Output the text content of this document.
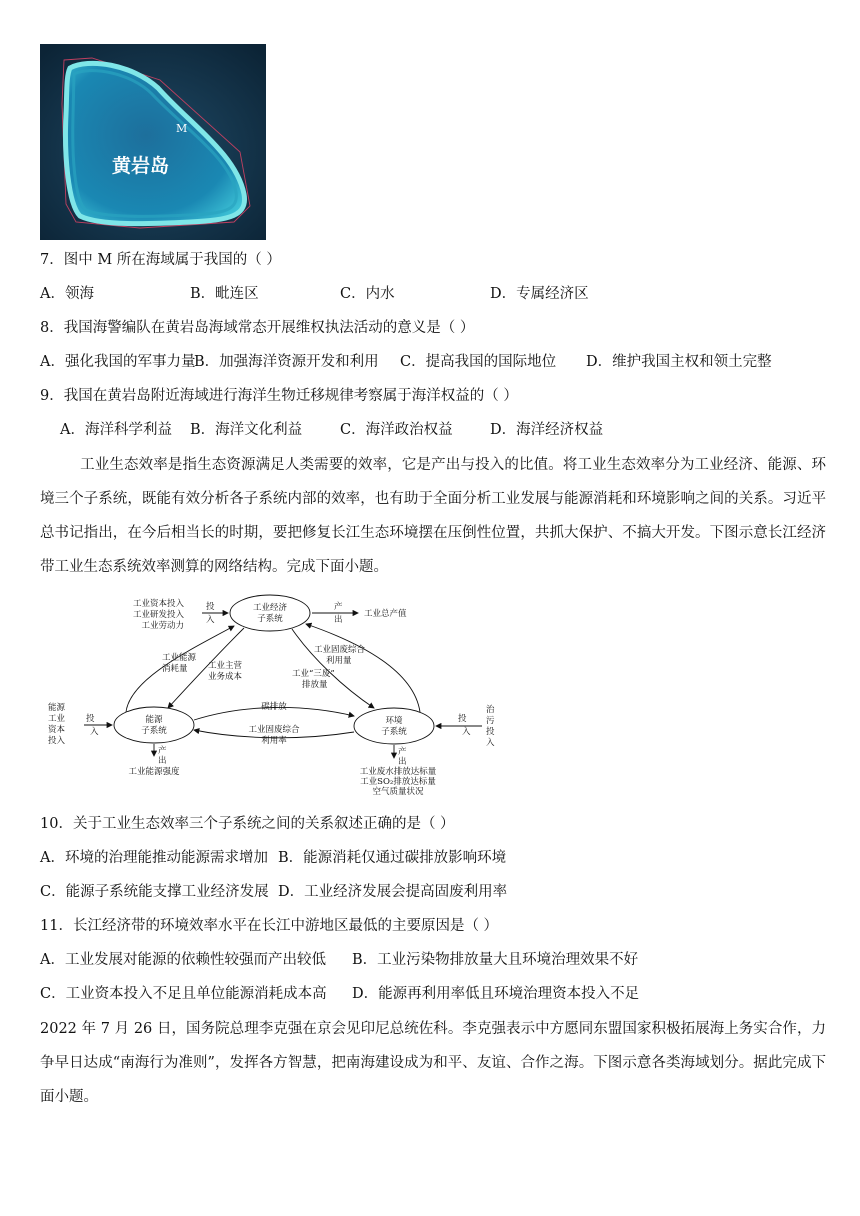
黄岩岛
M
7．图中 M 所在海域属于我国的（ ）
A．领海	B．毗连区	C．内水	D．专属经济区
8．我国海警编队在黄岩岛海域常态开展维权执法活动的意义是（ ）
A．强化我国的军事力量
B．加强海洋资源开发和利用 C．提高我国的国际地位 D．维护我国主权和领土完整
9．我国在黄岩岛附近海域进行海洋生物迁移规律考察属于海洋权益的（ ）
A．海洋科学利益 B．海洋文化利益	C．海洋政治权益	D．海洋经济权益
工业生态效率是指生态资源满足人类需要的效率，它是产出与投入的比值。将工业生态效率分为工业经济、能源、环境三个子系统，既能有效分析各子系统内部的效率，也有助于全面分析工业发展与能源消耗和环境影响之间的关系。习近平总书记指出，在今后相当长的时期，要把修复长江生态环境摆在压倒性位置，共抓大保护、不搞大开发。下图示意长江经济带工业生态系统效率测算的网络结构。完成下面小题。
工业经济
子系统
能源
子系统
环境
子系统
工业资本投入
工业研发投入
工业劳动力
投
入
产
出
工业总产值
能源
工业
资本
投入
投
入
产
出
工业能源强度
治
污
投
入
投
入
产
出
工业废水排放达标量
工业SO₂排放达标量
空气质量状况
工业能源
消耗量 工业主营
业务成本	工业“三废”
排放量
工业固废综合
利用量
碳排放
工业固废综合
利用率
10．关于工业生态效率三个子系统之间的关系叙述正确的是（ ）
A．环境的治理能推动能源需求增加 B．能源消耗仅通过碳排放影响环境
C．能源子系统能支撑工业经济发展 D．工业经济发展会提高固废利用率
11．长江经济带的环境效率水平在长江中游地区最低的主要原因是（ ）
A．工业发展对能源的依赖性较强而产出较低 B．工业污染物排放量大且环境治理效果不好
C．工业资本投入不足且单位能源消耗成本高 D．能源再利用率低且环境治理资本投入不足
2022 年 7 月 26 日，国务院总理李克强在京会见印尼总统佐科。李克强表示中方愿同东盟国家积极拓展海上务实合作，力争早日达成“南海行为准则”，发挥各方智慧，把南海建设成为和平、友谊、合作之海。下图示意各类海域划分。据此完成下面小题。
